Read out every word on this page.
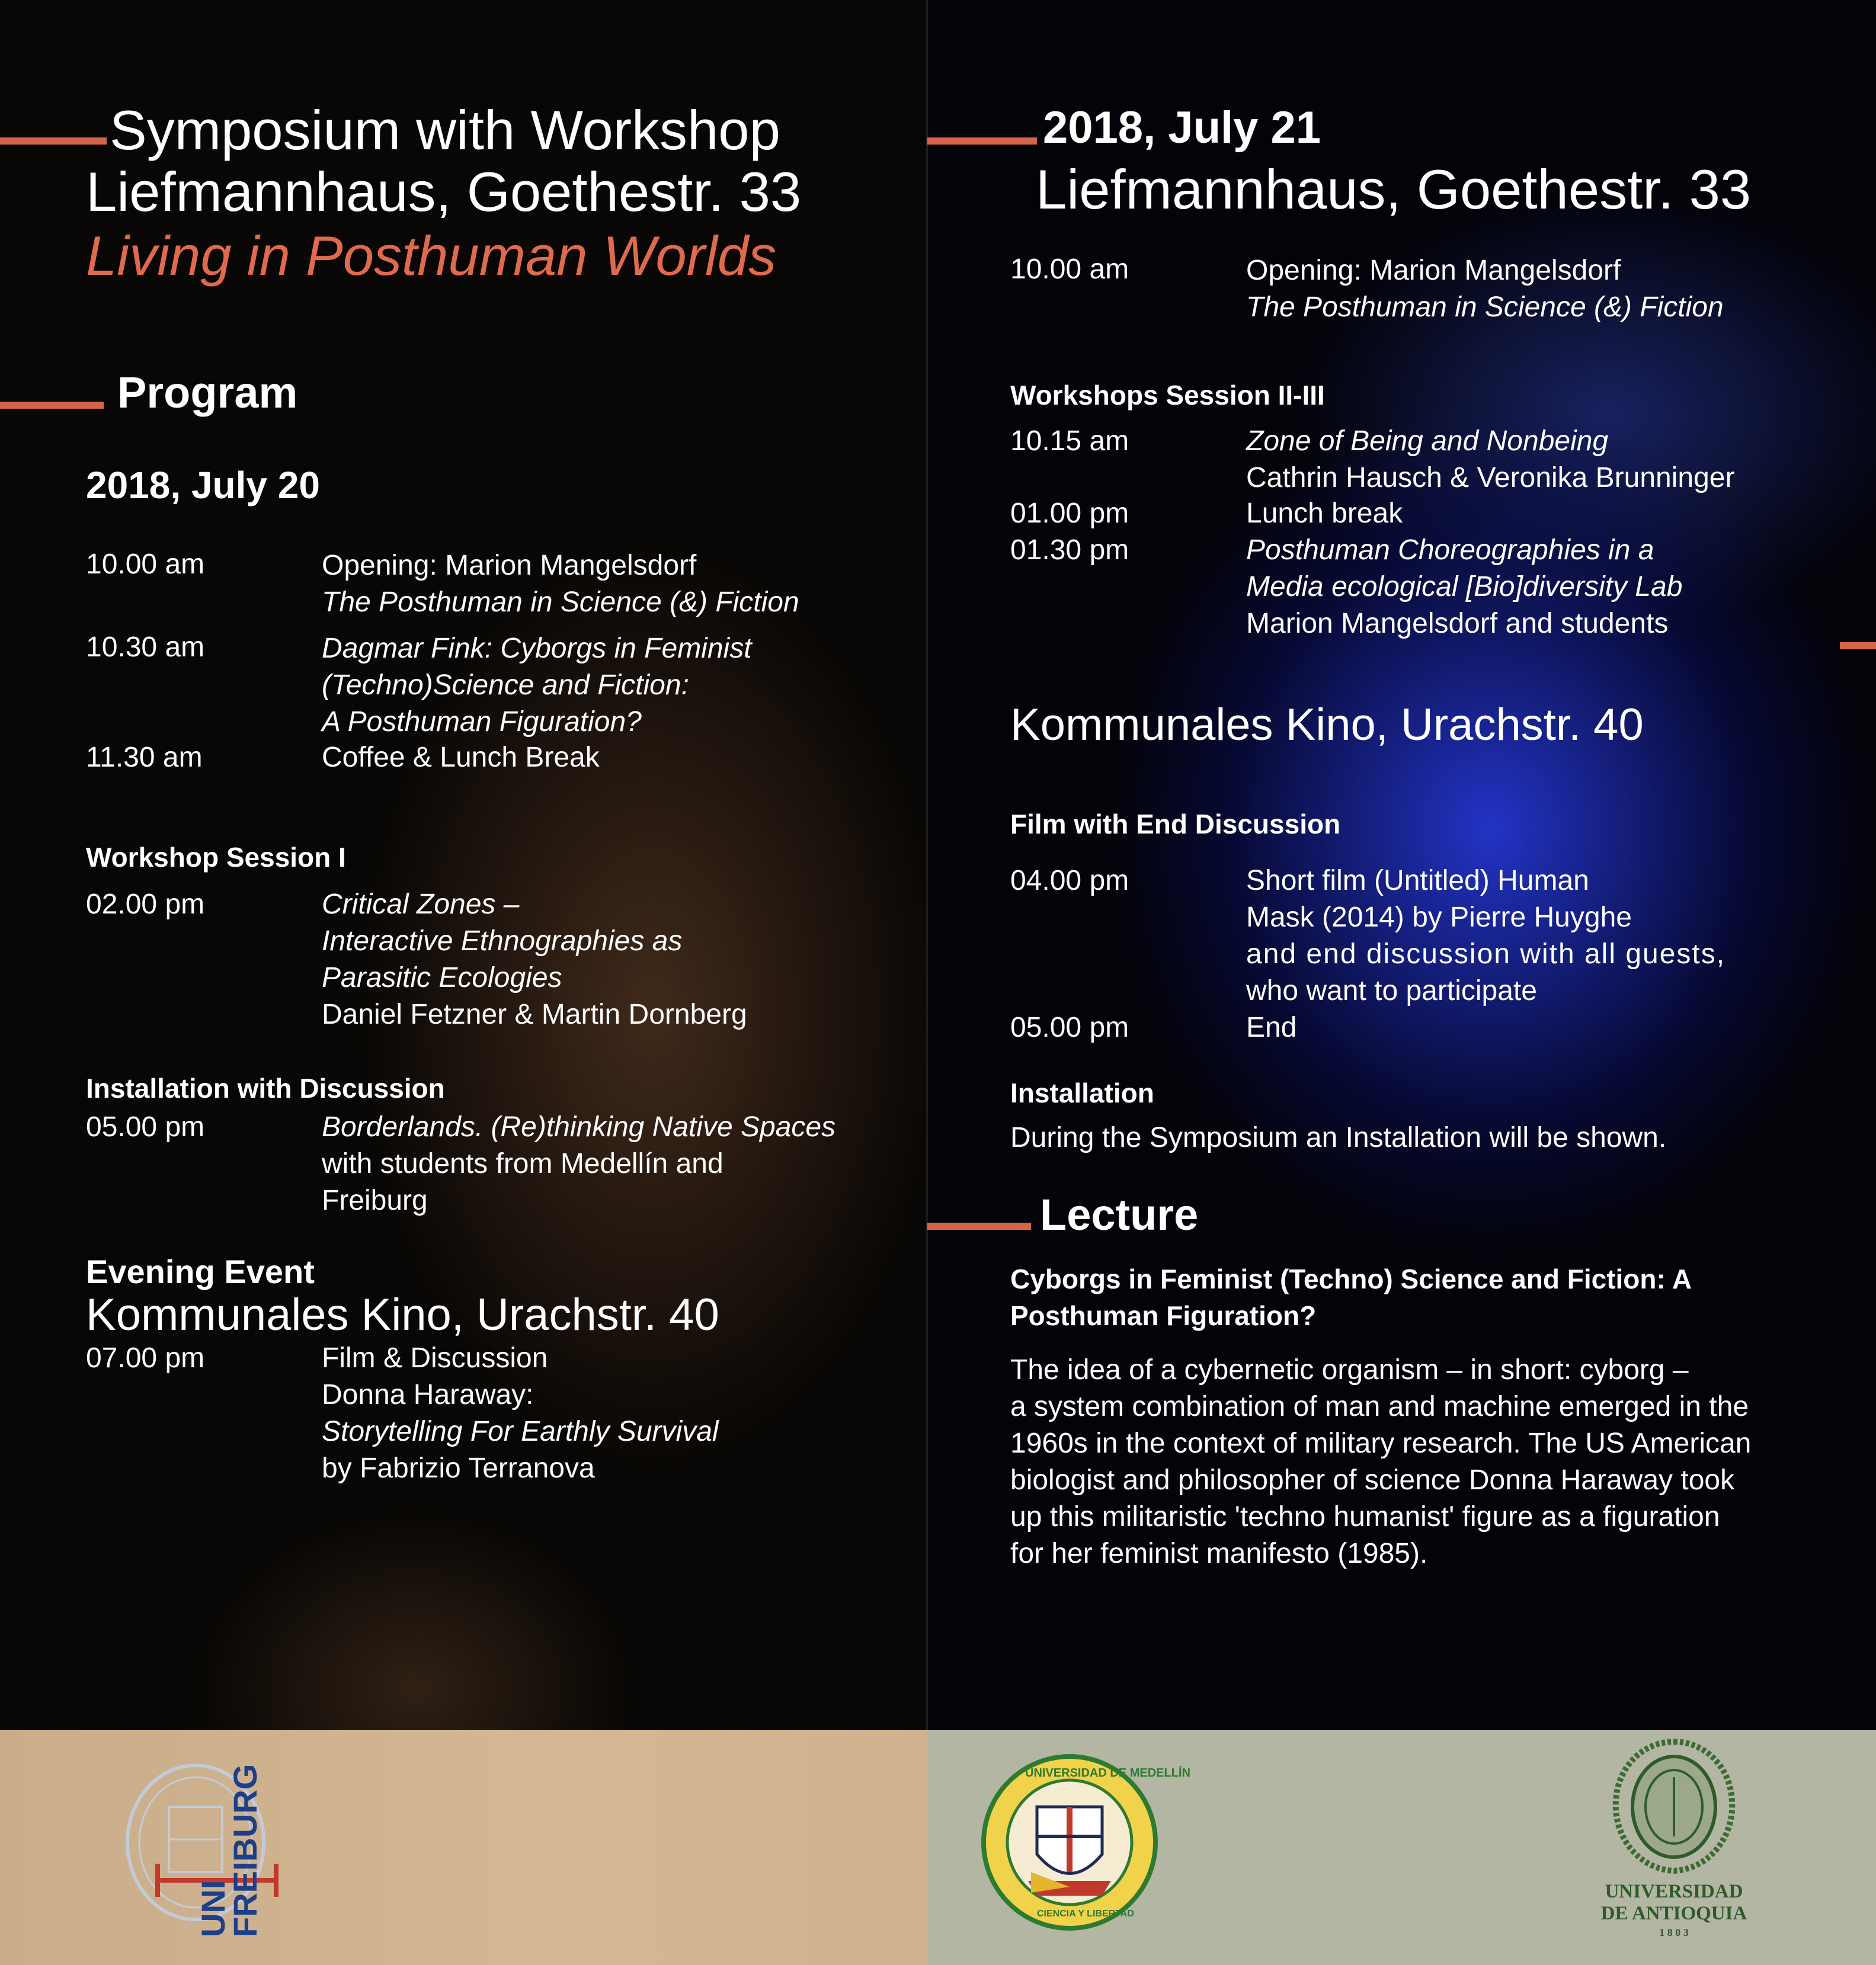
Symposium with Workshop
Liefmannhaus, Goethestr. 33
Living in Posthuman Worlds
Program
2018, July 20
10.00 am	Opening: Marion Mangelsdorf
The Posthuman in Science (&) Fiction
10.30 am	Dagmar Fink: Cyborgs in Feminist
(Techno)Science and Fiction:
A Posthuman Figuration?
11.30 am	Coffee & Lunch Break
Workshop Session I
02.00 pm	Critical Zones –
Interactive Ethnographies as
Parasitic Ecologies
Daniel Fetzner & Martin Dornberg
Installation with Discussion
05.00 pm	Borderlands. (Re)thinking Native Spaces
with students from Medellín and
Freiburg
Evening Event
Kommunales Kino, Urachstr. 40
07.00 pm	Film & Discussion
Donna Haraway:
Storytelling For Earthly Survival
by Fabrizio Terranova
2018, July 21
Liefmannhaus, Goethestr. 33
10.00 am	Opening: Marion Mangelsdorf
The Posthuman in Science (&) Fiction
Workshops Session II-III
10.15 am	Zone of Being and Nonbeing
Cathrin Hausch & Veronika Brunninger
01.00 pm	Lunch break
01.30 pm	Posthuman Choreographies in a
Media ecological [Bio]diversity Lab
Marion Mangelsdorf and students
Kommunales Kino, Urachstr. 40
Film with End Discussion
04.00 pm	Short film (Untitled) Human
Mask (2014) by Pierre Huyghe
and end discussion with all guests,
who want to participate
05.00 pm	End
Installation
During the Symposium an Installation will be shown.
Lecture
Cyborgs in Feminist (Techno) Science and Fiction: A
Posthuman Figuration?
The idea of a cybernetic organism – in short: cyborg –
a system combination of man and machine emerged in the
1960s in the context of military research. The US American
biologist and philosopher of science Donna Haraway took
up this militaristic 'techno humanist' figure as a figuration
for her feminist manifesto (1985).
UNI
FREIBURG	UNIVERSIDAD DE MEDELLÍN
CIENCIA Y LIBERTAD
UNIVERSIDAD
DE ANTIOQUIA
1 8 0 3
